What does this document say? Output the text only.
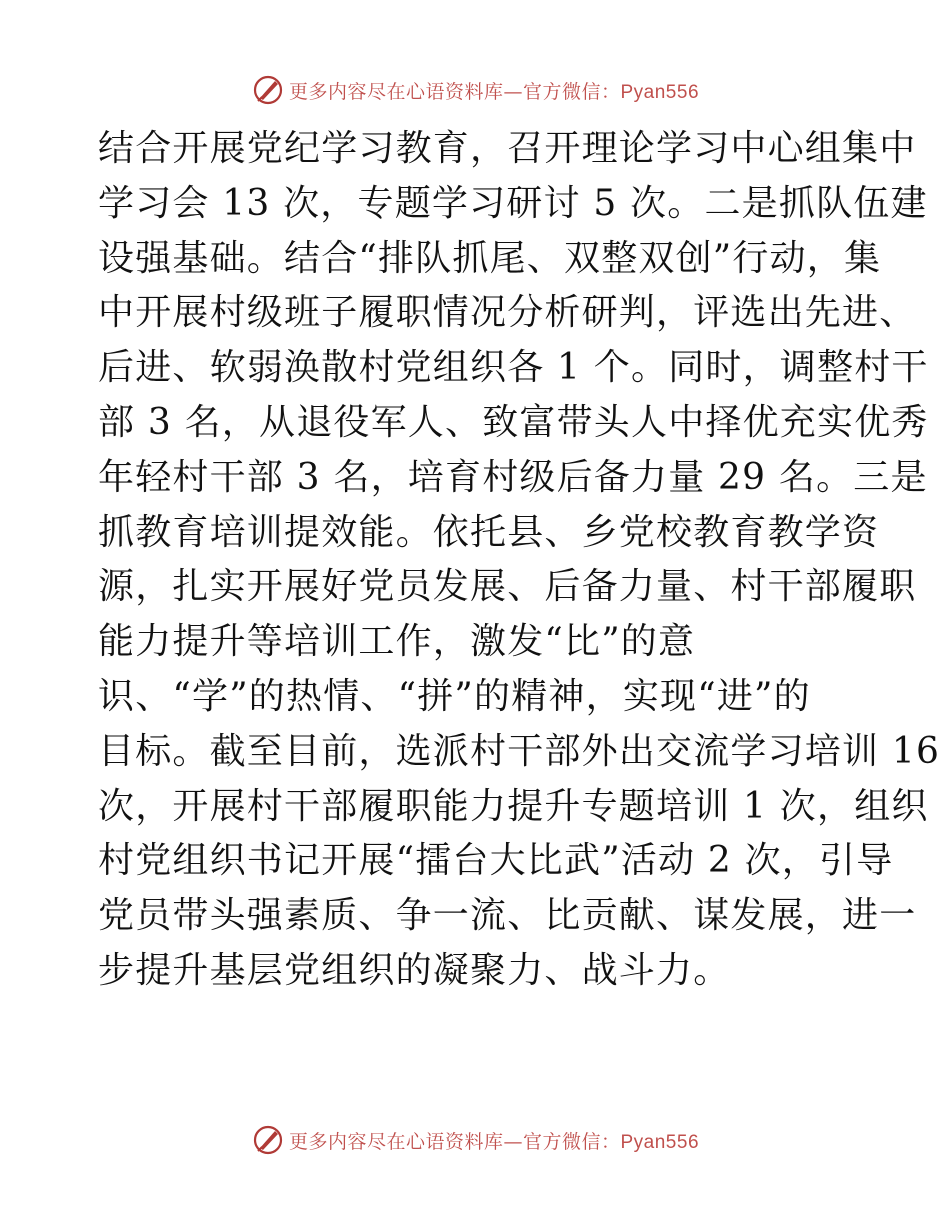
更多内容尽在心语资料库—官方微信：Pyan556
结合开展党纪学习教育，召开理论学习中心组集中
学习会 13 次，专题学习研讨 5 次。二是抓队伍建
设强基础。结合“排队抓尾、双整双创”行动，集
中开展村级班子履职情况分析研判，评选出先进、
后进、软弱涣散村党组织各 1 个。同时，调整村干
部 3 名，从退役军人、致富带头人中择优充实优秀
年轻村干部 3 名，培育村级后备力量 29 名。三是
抓教育培训提效能。依托县、乡党校教育教学资
源，扎实开展好党员发展、后备力量、村干部履职
能力提升等培训工作，激发“比”的意
识、“学”的热情、“拼”的精神，实现“进”的
目标。截至目前，选派村干部外出交流学习培训 16
次，开展村干部履职能力提升专题培训 1 次，组织
村党组织书记开展“擂台大比武”活动 2 次，引导
党员带头强素质、争一流、比贡献、谋发展，进一
步提升基层党组织的凝聚力、战斗力。
更多内容尽在心语资料库—官方微信：Pyan556
